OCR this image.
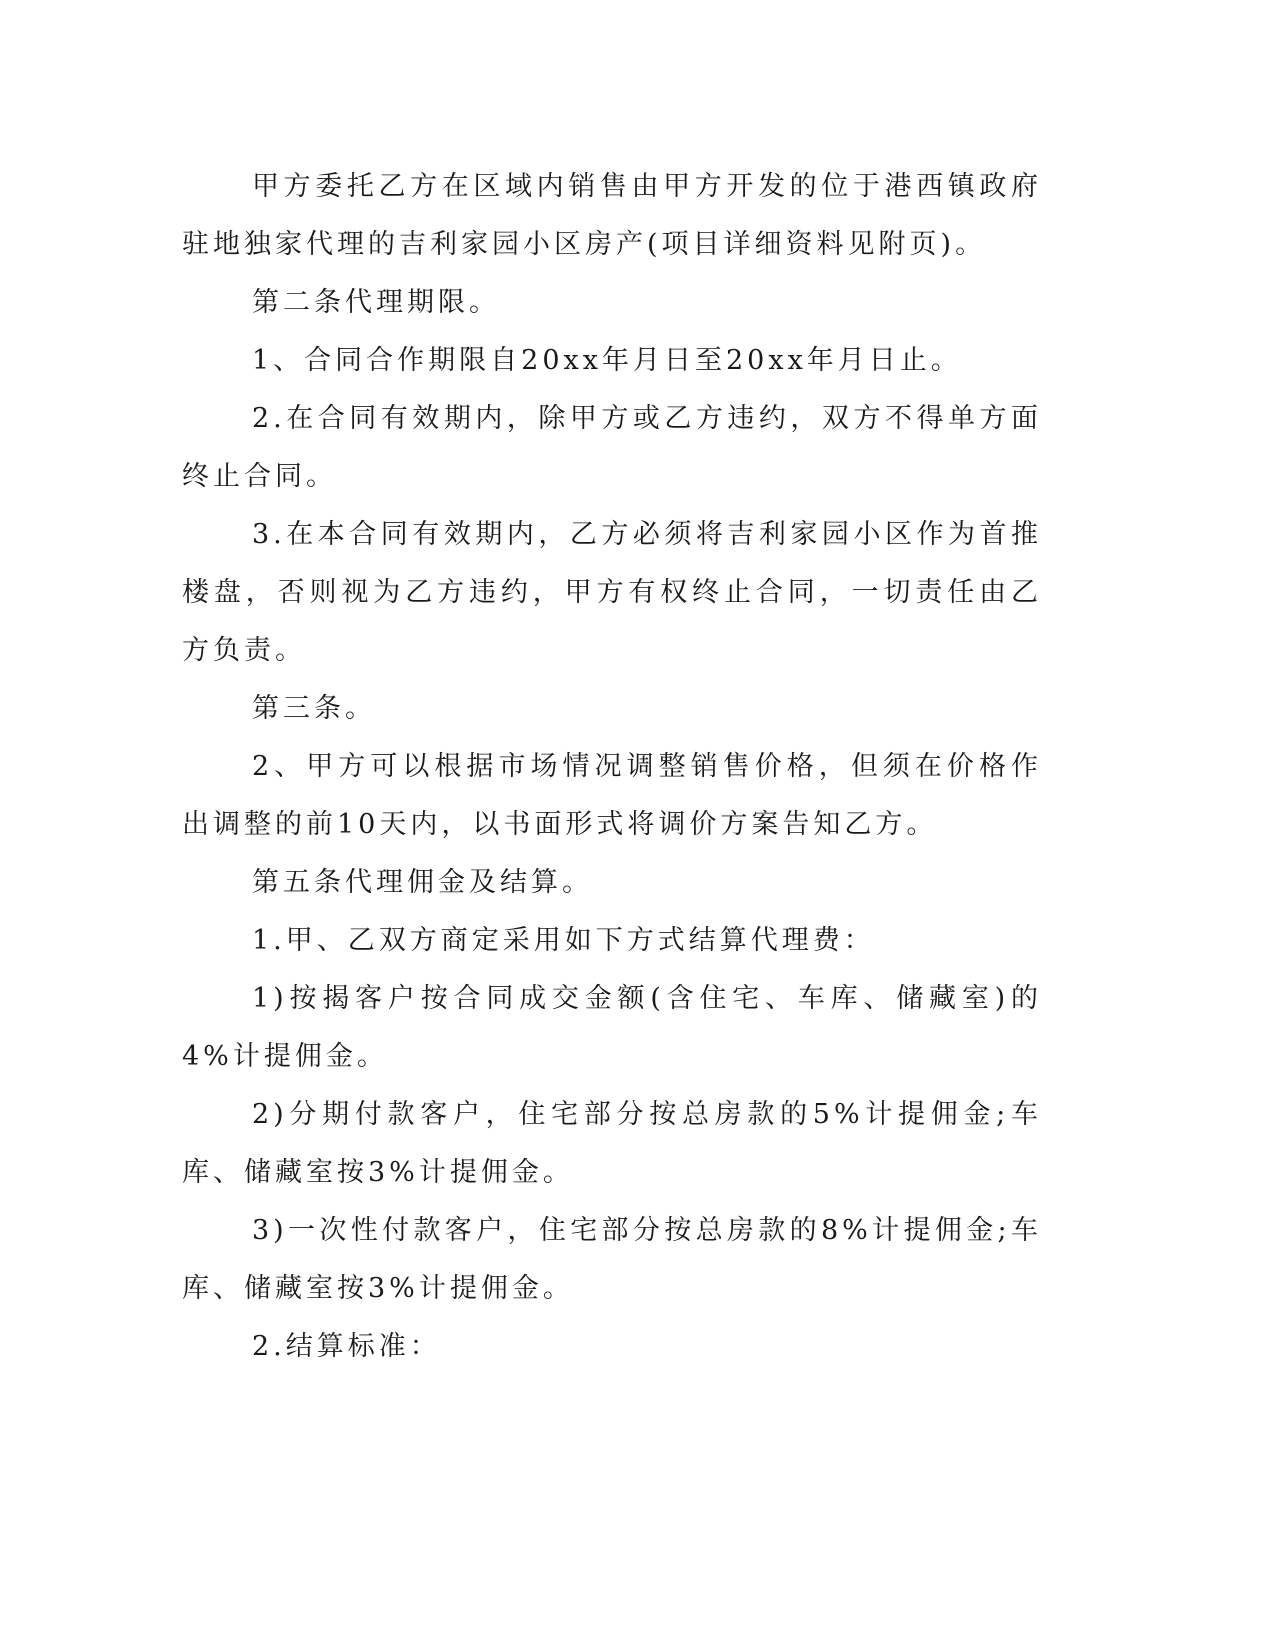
甲方委托乙方在区域内销售由甲方开发的位于港西镇政府驻地独家代理的吉利家园小区房产(项目详细资料见附页)。

第二条代理期限。

1、合同合作期限自20xx年月日至20xx年月日止。

2.在合同有效期内，除甲方或乙方违约，双方不得单方面终止合同。

3.在本合同有效期内，乙方必须将吉利家园小区作为首推楼盘，否则视为乙方违约，甲方有权终止合同，一切责任由乙方负责。

第三条。

2、甲方可以根据市场情况调整销售价格，但须在价格作出调整的前10天内，以书面形式将调价方案告知乙方。

第五条代理佣金及结算。

1.甲、乙双方商定采用如下方式结算代理费：

1)按揭客户按合同成交金额(含住宅、车库、储藏室)的4%计提佣金。

2)分期付款客户，住宅部分按总房款的5%计提佣金;车库、储藏室按3%计提佣金。

3)一次性付款客户，住宅部分按总房款的8%计提佣金;车库、储藏室按3%计提佣金。

2.结算标准：
